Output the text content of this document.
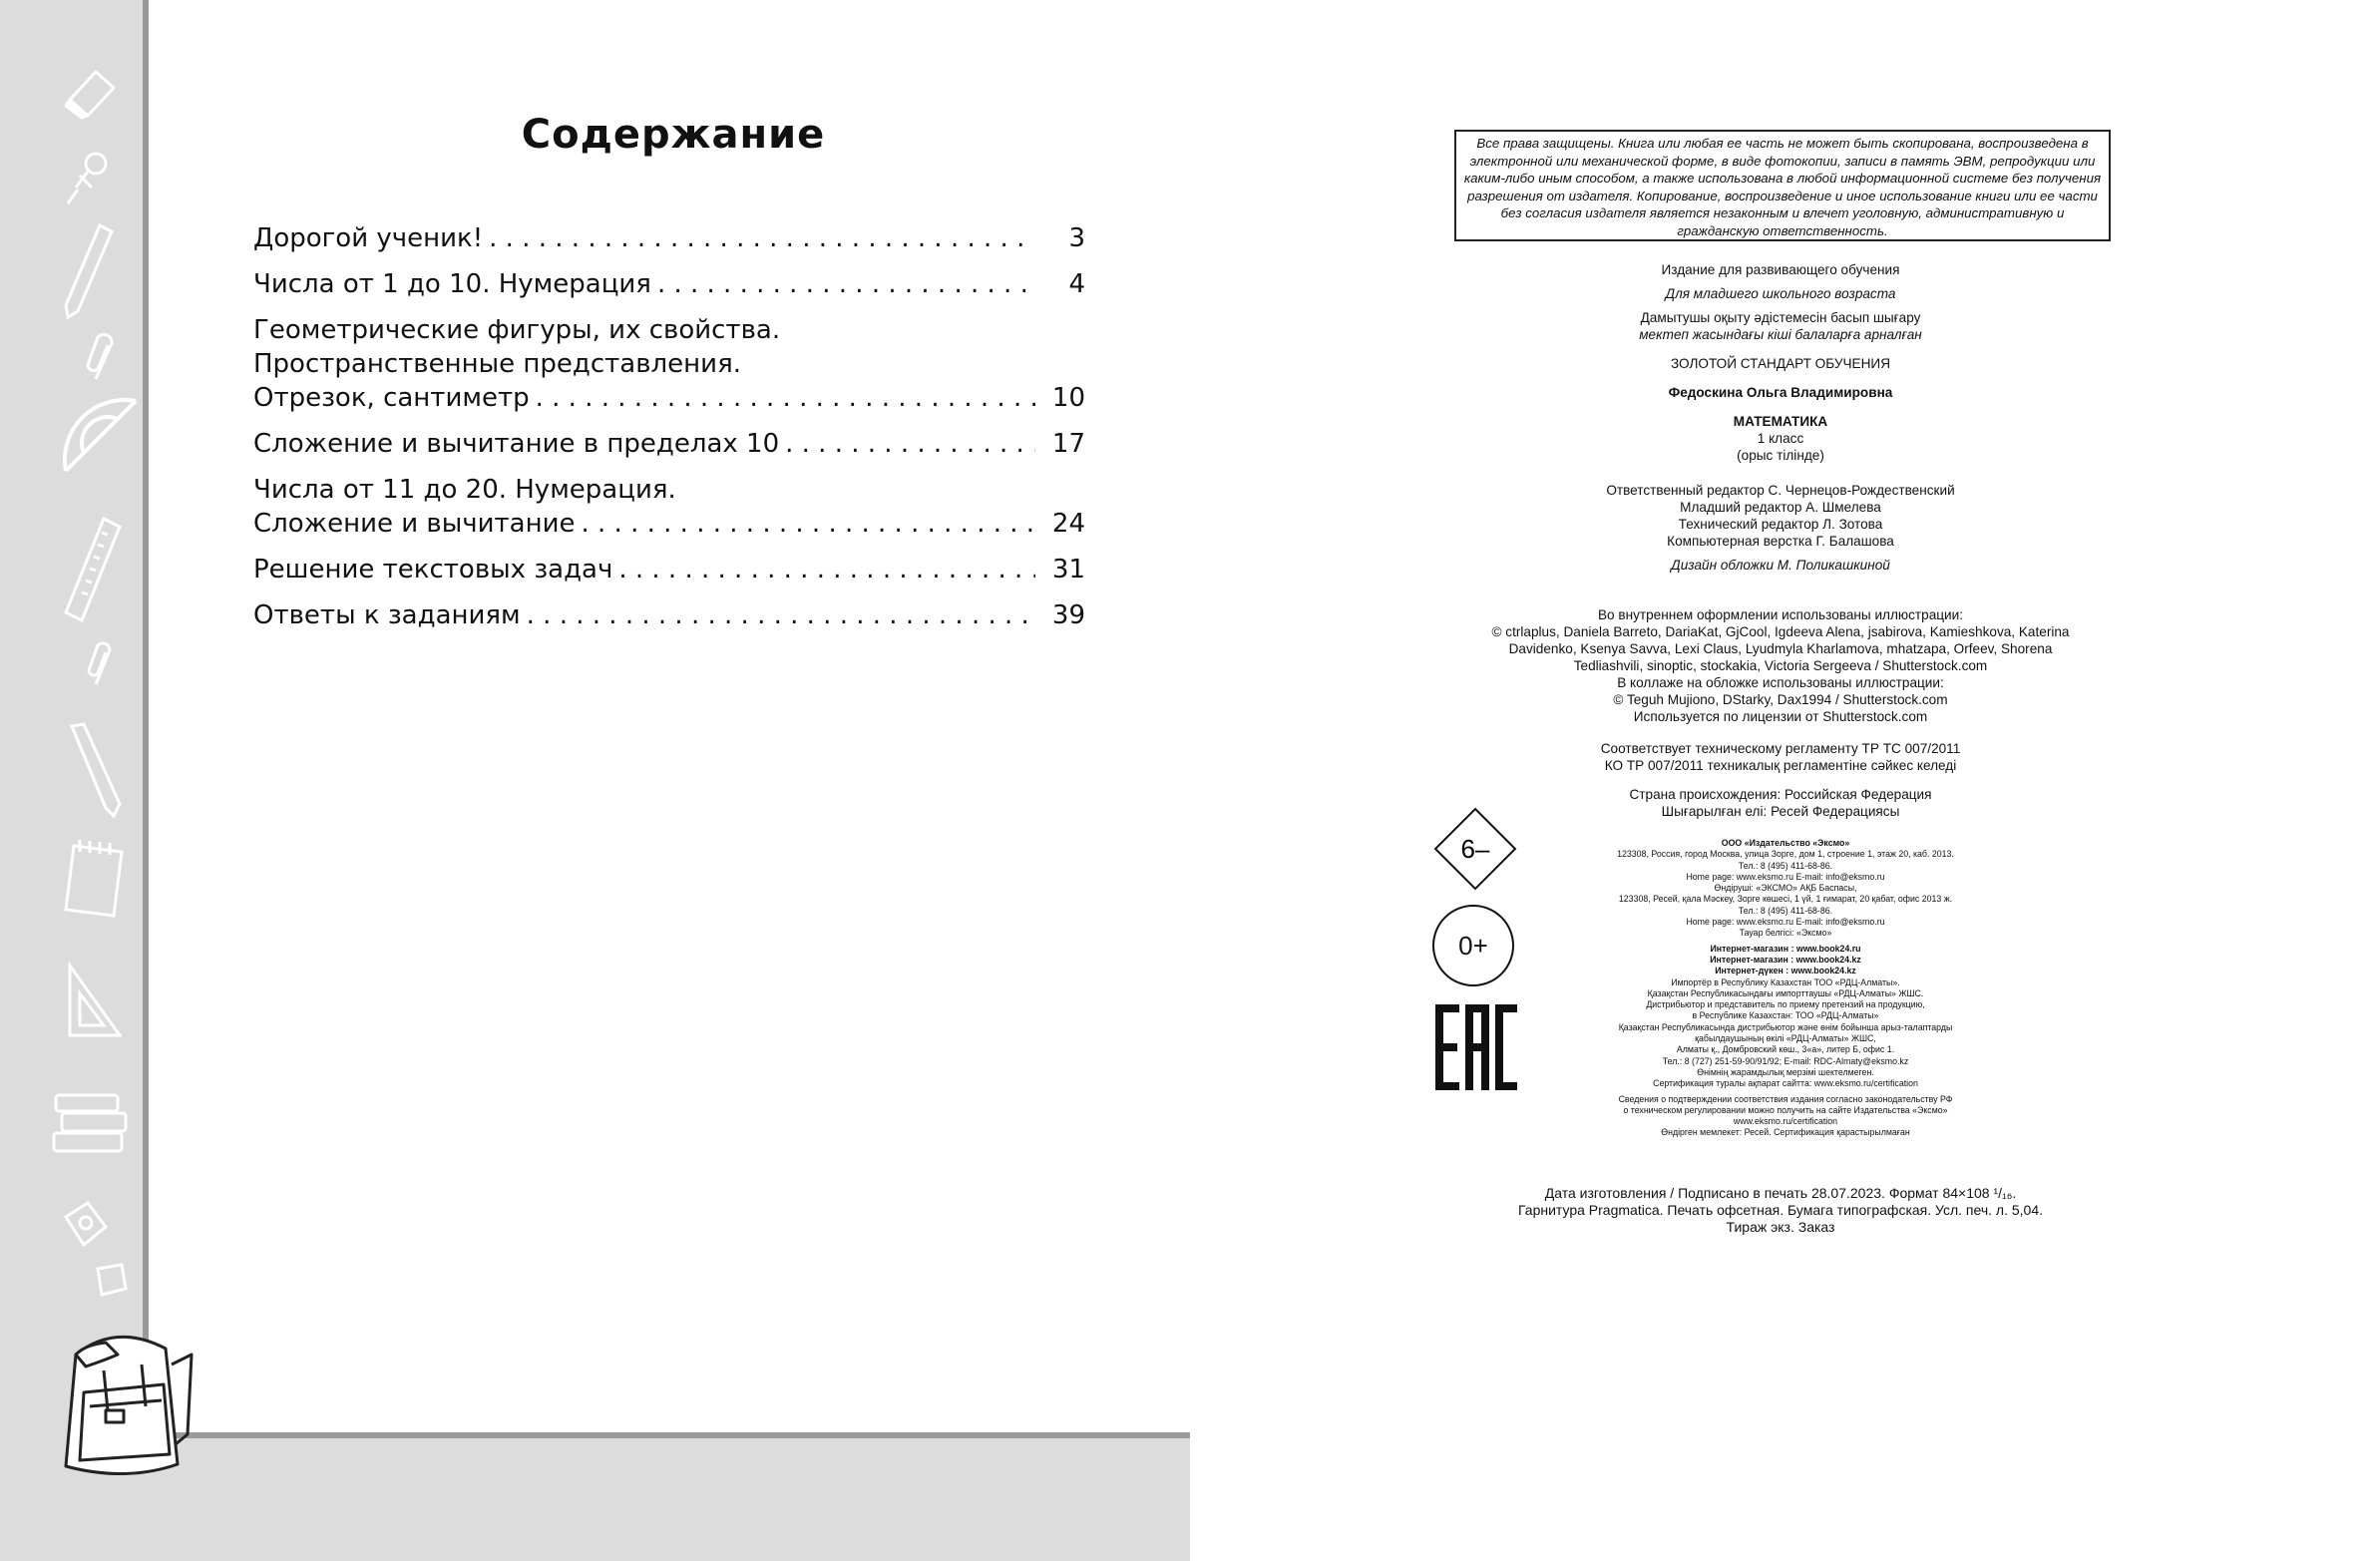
Содержание
Дорогой ученик! . . .	3
Числа от 1 до 10. Нумерация . . .	4
Геометрические фигуры, их свойства.
Пространственные представления.
Отрезок, сантиметр . . .	10
Сложение и вычитание в пределах 10 . . .	17
Числа от 11 до 20. Нумерация.
Сложение и вычитание . . .	24
Решение текстовых задач . . .	31
Ответы к заданиям . . .	39
Все права защищены. Книга или любая ее часть не может быть скопирована, воспроизведена в электронной или механической форме, в виде фотокопии, записи в память ЭВМ, репродукции или каким-либо иным способом, а также использована в любой информационной системе без получения разрешения от издателя. Копирование, воспроизведение и иное использование книги или ее части без согласия издателя является незаконным и влечет уголовную, административную и гражданскую ответственность.

Издание для развивающего обучения

Для младшего школьного возраста

Дамытушы оқыту әдістемесін басып шығару

мектеп жасындағы кіші балаларға арналған

ЗОЛОТОЙ СТАНДАРТ ОБУЧЕНИЯ

Федоскина Ольга Владимировна

МАТЕМАТИКА

1 класс

(орыс тілінде)

Ответственный редактор С. Чернецов-Рождественский

Младший редактор А. Шмелева

Технический редактор Л. Зотова

Компьютерная верстка Г. Балашова

Дизайн обложки М. Поликашкиной

Во внутреннем оформлении использованы иллюстрации:

© ctrlaplus, Daniela Barreto, DariaKat, GjCool, Igdeeva Alena, jsabirova, Kamieshkova, Katerina

Davidenko, Ksenya Savva, Lexi Claus, Lyudmyla Kharlamova, mhatzapa, Orfeev, Shorena

Tedliashvili, sinoptic, stockakia, Victoria Sergeeva / Shutterstock.com

В коллаже на обложке использованы иллюстрации:

© Teguh Mujiono, DStarky, Dax1994 / Shutterstock.com

Используется по лицензии от Shutterstock.com

Соответствует техническому регламенту ТР ТС 007/2011

КО ТР 007/2011 техникалық регламентіне сәйкес келеді

Страна происхождения: Российская Федерация

Шығарылған елі: Ресей Федерациясы

6–
0+

ООО «Издательство «Эксмо»

123308, Россия, город Москва, улица Зорге, дом 1, строение 1, этаж 20, каб. 2013.

Тел.: 8 (495) 411-68-86.

Home page: www.eksmo.ru E-mail: info@eksmo.ru

Өндіруші: «ЭКСМО» АҚБ Баспасы,

123308, Ресей, қала Мәскеу, Зорге көшесі, 1 үй, 1 ғимарат, 20 қабат, офис 2013 ж.

Тел.: 8 (495) 411-68-86.

Home page: www.eksmo.ru E-mail: info@eksmo.ru

Тауар белгісі: «Эксмо»

Интернет-магазин : www.book24.ru

Интернет-магазин : www.book24.kz

Интернет-дүкен : www.book24.kz

Импортёр в Республику Казахстан ТОО «РДЦ-Алматы».

Қазақстан Республикасындағы импорттаушы «РДЦ-Алматы» ЖШС.

Дистрибьютор и представитель по приему претензий на продукцию,

в Республике Казахстан: ТОО «РДЦ-Алматы»

Қазақстан Республикасында дистрибьютор және өнім бойынша арыз-талаптарды

қабылдаушының өкілі «РДЦ-Алматы» ЖШС,

Алматы қ., Домбровский көш., 3«а», литер Б, офис 1.

Тел.: 8 (727) 251-59-90/91/92; E-mail: RDC-Almaty@eksmo.kz

Өнімнің жарамдылық мерзімі шектелмеген.

Сертификация туралы ақпарат сайтта: www.eksmo.ru/certification

Сведения о подтверждении соответствия издания согласно законодательству РФ

о техническом регулировании можно получить на сайте Издательства «Эксмо»

www.eksmo.ru/certification

Өндірген мемлекет: Ресей. Сертификация қарастырылмаған

Дата изготовления / Подписано в печать 28.07.2023. Формат 84×108 ¹/₁₆.

Гарнитура Pragmatica. Печать офсетная. Бумага типографская. Усл. печ. л. 5,04.

Тираж экз. Заказ
